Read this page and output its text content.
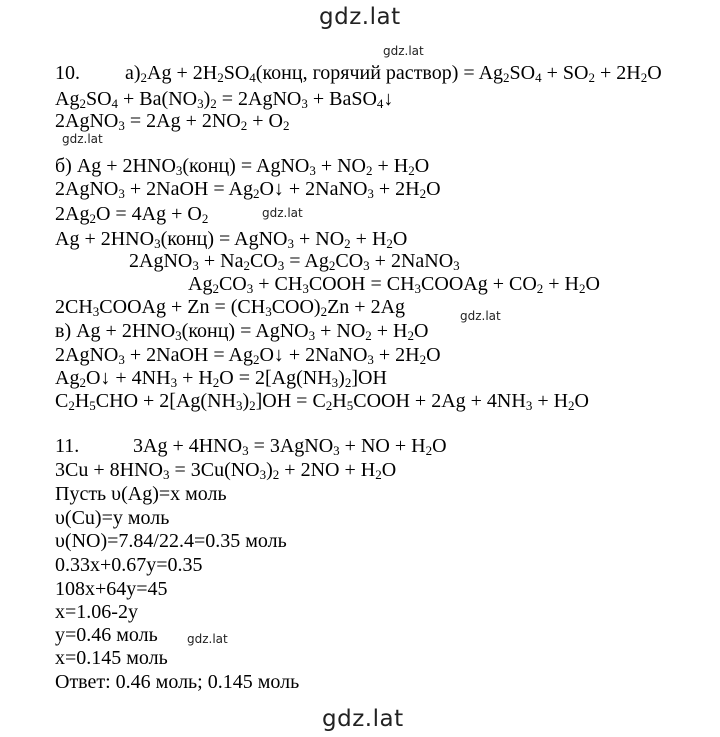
gdz.lat
gdz.lat
gdz.lat
gdz.lat
gdz.lat
gdz.lat
gdz.lat
10. $а)_2Ag$ + $2H_2SO_4(конц$, горячий раствор) = $Ag_2SO_4 + SO_2 + 2H_2O$
$Ag_2SO_4 + Ba(NO_3)_2$ = 2AgNO$_3$ + BaSO$_4$↓
2AgNO$_3$ = $2Ag + 2NO_2 + O_2$
б) $Ag + 2HNO_3(конц)$ = AgNO$_3$ + $NO_2 + H_2O$
2AgNO$_3$ + 2NaOH = $Ag_2O↓$ + 2NaNO$_3$ + $2H_2O$
$2Ag_2O = 4Ag + O_2$
$Ag + 2HNO_3(конц)$ = AgNO$_3$ + $NO_2 + H_2O$
2AgNO$_3$ + $Na_2CO_3 = Ag_2CO_3$ + 2NaNO$_3$
$Ag_2CO_3$ + $CH_3COOH$ = $CH_3COOAg + CO_2 + H_2O$
$2CH_3COOAg + Zn = (CH_3COO)_2Zn + 2Ag$
в) $Ag + 2HNO_3(конц)$ = AgNO$_3$ + $NO_2 + H_2O$
2AgNO$_3$ + 2NaOH = $Ag_2O↓$ + 2NaNO$_3$ + $2H_2O$
$Ag_2O↓ + 4NH_3 + H_2O = 2[Ag(NH_3)_2]OH$
$C_2H_5CHO + 2[Ag(NH_3)_2]OH$ = $C_2H_5COOH + 2Ag + 4NH_3 + H_2O$
11.	$3Ag + 4HNO_3$ = 3AgNO$_3$ + NO + $H_2O$
$3Cu + 8HNO_3 = 3Cu(NO_3)_2 + 2NO + H_2O$
Пусть υ(Ag)=x моль
υ(Cu)=y моль
υ(NO)=7.84/22.4=0.35 моль
0.33x+0.67y=0.35
108x+64y=45
x=1.06-2y
y=0.46 моль
x=0.145 моль
Ответ: 0.46 моль; 0.145 моль
